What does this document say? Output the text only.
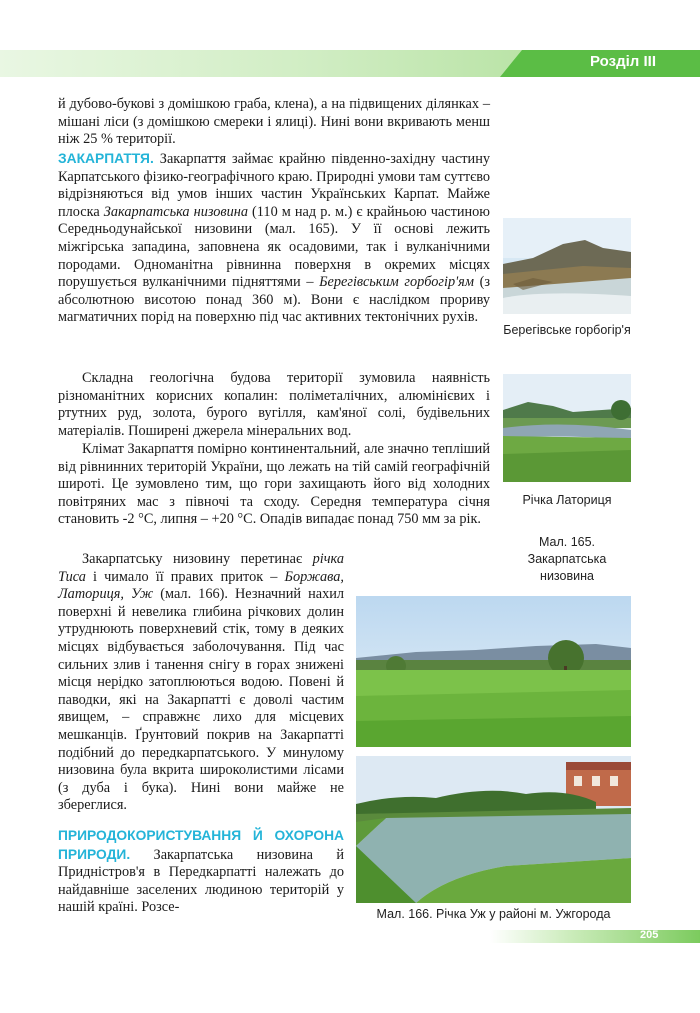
Розділ ІІІ

й дубово-букові з домішкою граба, клена), а на підвищених ділянках – мішані ліси (з домішкою смереки і ялиці). Нині вони вкривають менш ніж 25 % території.

ЗАКАРПАТТЯ. Закарпаття займає крайню південно-західну частину Карпатського фізико-географічного краю. Природні умови там суттєво відрізняються від умов інших частин Українських Карпат. Майже плоска Закарпатська низовина (110 м над р. м.) є крайньою частиною Середньодунайської низовини (мал. 165). У її основі лежить міжгірська западина, заповнена як осадовими, так і вулканічними породами. Одноманітна рівнинна поверхня в окремих місцях порушується вулканічними підняттями – Берегівським горбогір'ям (з абсолютною висотою понад 360 м). Вони є наслідком прориву магматичних порід на поверхню під час активних тектонічних рухів.

Складна геологічна будова території зумовила наявність різноманітних корисних копалин: поліметалічних, алюмінієвих і ртутних руд, золота, бурого вугілля, кам'яної солі, будівельних матеріалів. Поширені джерела мінеральних вод.

Клімат Закарпаття помірно континентальний, але значно тепліший від рівнинних територій України, що лежать на тій самій географічній широті. Це зумовлено тим, що гори захищають його від холодних повітряних мас з півночі та сходу. Середня температура січня становить -2 °С, липня – +20 °С. Опадів випадає понад 750 мм за рік.

Закарпатську низовину перетинає річка Тиса і чимало її правих приток – Боржава, Латориця, Уж (мал. 166). Незначний нахил поверхні й невелика глибина річкових долин утруднюють поверхневий стік, тому в деяких місцях відбувається заболочування. Під час сильних злив і танення снігу в горах знижені місця нерідко затоплюються водою. Повені й паводки, які на Закарпатті є доволі частим явищем, – справжнє лихо для місцевих мешканців. Ґрунтовий покрив на Закарпатті подібний до передкарпатського. У минулому низовина була вкрита широколистими лісами (з дуба і бука). Нині вони майже не збереглися.

ПРИРОДОКОРИСТУВАННЯ Й ОХОРОНА ПРИРОДИ. Закарпатська низовина й Придністров'я в Передкарпатті належать до найдавніше заселених людиною територій у нашій країні. Розсе-

Берегівське горбогір'я
Річка Латориця
Мал. 165. Закарпатська низовина
Мал. 166. Річка Уж у районі м. Ужгорода
205
